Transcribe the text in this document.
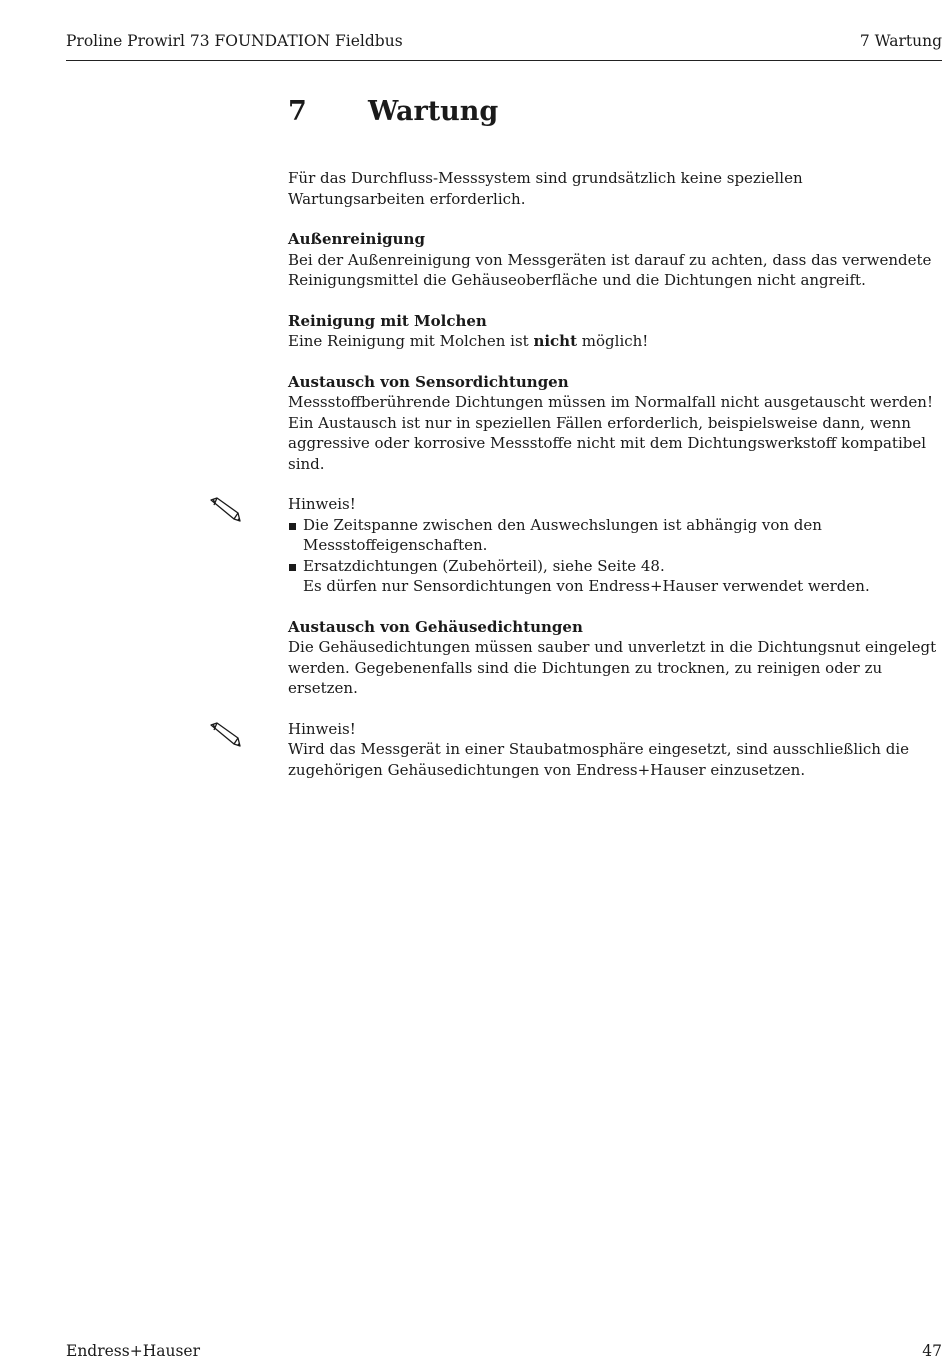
Proline Prowirl 73 FOUNDATION Fieldbus	7 Wartung
7	Wartung

Für das Durchfluss-Messsystem sind grundsätzlich keine speziellen Wartungsarbeiten erforderlich.

Außenreinigung

Bei der Außenreinigung von Messgeräten ist darauf zu achten, dass das verwendete Reinigungsmittel die Gehäuseoberfläche und die Dichtungen nicht angreift.

Reinigung mit Molchen

Eine Reinigung mit Molchen ist nicht möglich!

Austausch von Sensordichtungen

Messstoffberührende Dichtungen müssen im Normalfall nicht ausgetauscht werden! Ein Austausch ist nur in speziellen Fällen erforderlich, beispielsweise dann, wenn aggressive oder korrosive Messstoffe nicht mit dem Dichtungswerkstoff kompatibel sind.

Hinweis!

Die Zeitspanne zwischen den Auswechslungen ist abhängig von den Messstoffeigenschaften.
Ersatzdichtungen (Zubehörteil), siehe Seite 48.
Es dürfen nur Sensordichtungen von Endress+Hauser verwendet werden.
Austausch von Gehäusedichtungen

Die Gehäusedichtungen müssen sauber und unverletzt in die Dichtungsnut eingelegt werden. Gegebenenfalls sind die Dichtungen zu trocknen, zu reinigen oder zu ersetzen.

Hinweis!

Wird das Messgerät in einer Staubatmosphäre eingesetzt, sind ausschließlich die zugehörigen Gehäusedichtungen von Endress+Hauser einzusetzen.

Endress+Hauser	47
